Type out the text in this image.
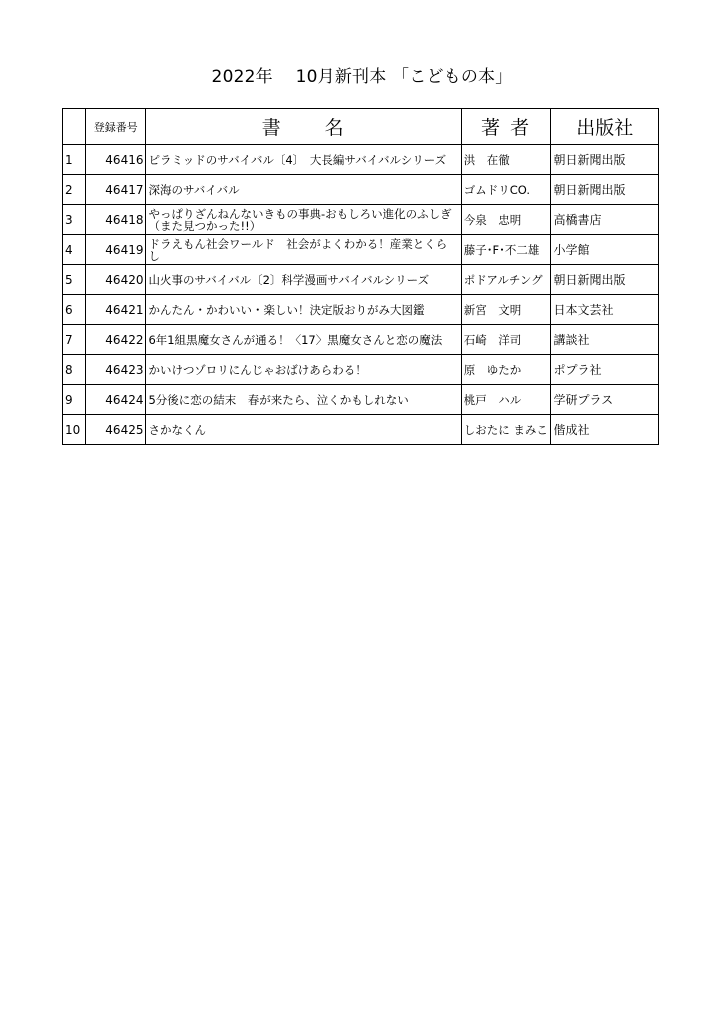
2022年　 10月新刊本 「こどもの本」
	登録番号	書　　名	著 者	出版社
1	46416	ピラミッドのサバイバル〔4〕　大長編サバイバルシリーズ	洪　在徹	朝日新聞出版
2	46417	深海のサバイバル	ゴムドリCO.	朝日新聞出版
3	46418	やっぱりざんねんないきもの事典-おもしろい進化のふしぎ（また見つかった!!）	今泉　忠明	高橋書店
4	46419	ドラえもん社会ワールド　社会がよくわかる！産業とくらし	藤子･F･不二雄	小学館
5	46420	山火事のサバイバル〔2〕科学漫画サバイバルシリーズ	ポドアルチング	朝日新聞出版
6	46421	かんたん・かわいい・楽しい！決定版おりがみ大図鑑	新宮　文明	日本文芸社
7	46422	6年1組黒魔女さんが通る！〈17〉黒魔女さんと恋の魔法	石崎　洋司	講談社
8	46423	かいけつゾロリにんじゃおばけあらわる！	原　ゆたか	ポプラ社
9	46424	5分後に恋の結末　春が来たら、泣くかもしれない	桃戸　ハル	学研プラス
10	46425	さかなくん	しおたに まみこ	偕成社
